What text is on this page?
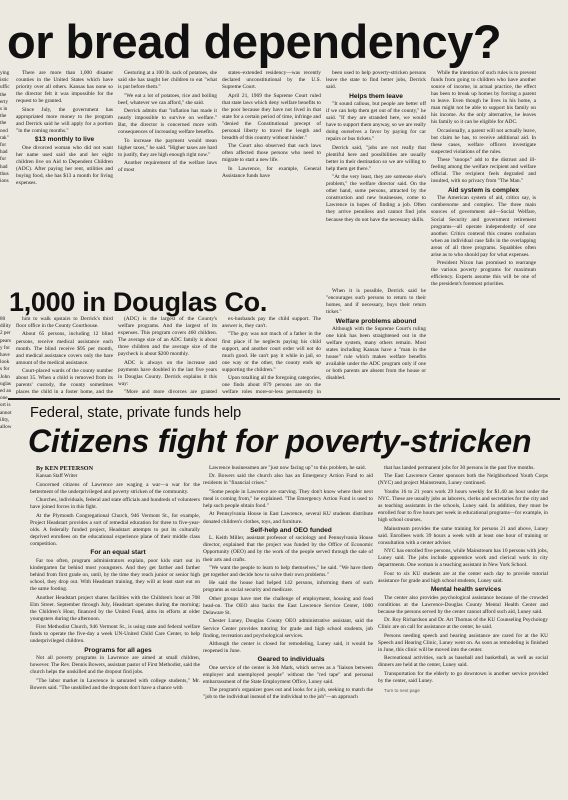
ying
istic
uffic
the
erty
s in
the
the
ood
rak"
for
had
for
had
thus
ions
80
dility
2 per
pears
y for
have
look
s for
John
uglas
ed an
one
ort is
annot
ility,
allow
or bread dependency?

There are more than 1,000 disaster counties in the United States which have priority over all others. Kansas has none so the director felt it was impossible for the request to be granted.

Since July, the government has appropriated more money to the program and Derrick said he will apply for a portion "in the coming months."

$13 monthly to live

One divorced woman who did not want her name used said she and her eight children live on Aid to Dependent Children (ADC). After paying her rent, utilities and buying food, she has $13 a month for living expenses.

Gesturing at a 100 lb. sack of potatoes, she said she has taught her children to eat "what is put before them."

"We eat a lot of potatoes, rice and boiling beef, whatever we can afford," she said.

Derrick admits that "inflation has made it nearly impossible to survive on welfare." But, the director is concerned more with consequences of increasing welfare benefits.

To increase the payment would mean higher taxes," he said. "Higher taxes are hard to justify, they are high enough right now."

Another requirement of the welfare laws of most

states–extended residency—was recently declared unconstitutional by the U.S. Supreme Court.

April 21, 1969 the Supreme Court ruled that state laws which deny welfare benefits to the poor because they have not lived in that state for a certain period of time, infringe and "denied the Constitutional precept of personal liberty to travel the length and breadth of this country without hinder."

The Court also observed that such laws often affected those persons who need to migrate to start a new life.

In Lawrence, for example, General Assistance funds have

been used to help poverty-stricken persons leave the state to find better jobs, Derrick said.

Helps them leave

"It sound callous, but people are better off if we can help them get out of the county," he said. "If they are stranded here, we would have to support them anyway, so we are really doing ourselves a favor by paying for car repairs or bus tickets."

Derrick said, "jobs are not really that plentiful here and possibilities are usually better in their destination so we are willing to help them get there."

"At the very least, they are someone else's problem," the welfare director said. On the other hand, some persons, attracted by the construction and new businesses, come to Lawrence in hopes of finding a job. Often they arrive penniless and cannot find jobs because they do not have the necessary skills.

While the intention of such rules is to prevent funds from going to children who have another source of income, in actual practice, the effect has been to break up homes by forcing a parent to leave. Even though he lives in his home, a man might not be able to support his family on his income. As the only alternative, he leaves his family so it can be eligible for ADC.

Occasionally, a parent will not actually leave, but claim he has, to receive additional aid. In these cases, welfare officers investigate suspected violations of the rules.

These "snoops" add to the distrust and ill-feeling among the welfare recipient and welfare official. The recipient feels degraded and insulted, with no privacy from "The Man."

Aid system is complex

The American system of aid, critics say, is cumbersome and complex. The three main sources of government aid—Social Welfare, Social Security and government retirement programs—all operate independently of one another. Critics contend this creates confusion when an individual case falls in the overlapping areas of all three programs. Squabbles often arise as to who should pay for what expenses.

President Nixon has promised to rearrange the various poverty programs for maximum efficiency. Experts assume this will be one of the president's foremost priorities.

1,000 in Douglas Co.

him to walk upstairs to Derrick's third floor office in the County Courthouse.

About 65 persons, including 12 blind persons, receive medical assistance each month. The blind receive $95 per month, and medical assistance covers only the bare amount of the medical assistance.

Court-placed wards of the county number about 35. When a child is removed from its parents' custody, the county sometimes places the child in a foster home, and the

(ADC) is the largest of the County's welfare programs. And the largest of its expenses. This program covers 460 children. The average size of an ADC family is about three children and the average size of the paycheck is about $200 monthly.

ADC is always on the increase and payments have doubled in the last five years in Douglas County. Derrick explains it this way:

"More and more divorces are granted

ex-husbands pay the child support. The answer is, they can't.

"The guy was not much of a father in the first place if he neglects paying his child support, and another court order will not do much good. He can't pay it while in jail, so one way or the other, the county ends up supporting the children."

Upon totalling all the foregoing categories, one finds about 879 persons are on the welfare roles more-or-less permanently in

When it is possible, Derrick said he "encourages such persons to return to their homes, and if necessary, buys their return ticket."

Welfare problems abound

Although with the Supreme Court's ruling one kink has been straightened out in the welfare system, many others remain. Most states including Kansas have a "man in the house" rule which makes welfare benefits available under the ADC program only if one or both parents are absent from the house or disabled.

Federal, state, private funds help
Citizens fight for poverty-stricken

By KEN PETERSON

Kansan Staff Writer

Concerned citizens of Lawrence are waging a war—a war for the betterment of the underprivileged and poverty stricken of the community.

Churches, individuals, federal and state officials and hundreds of volunteers have joined forces in this fight.

At the Plymouth Congregational Church, 946 Vermont St., for example, Project Headstart provides a sort of remedial education for three to five-year-olds. A federally funded project, Headstart attempts to put its culturally deprived enrollees on the educational experience plane of their middle class competition.

For an equal start

Far too often, program administrators explain, poor kids start out in kindergarten far behind most youngsters. And they get farther and farther behind from first grade on, until, by the time they reach junior or senior high school, they drop out. With Headstart training, they will at least start out on the same footing.

Another Headstart project shares facilities with the Children's hour at 708 Elm Street. September through July, Headstart operates during the morning; the Children's Hour, financed by the United Fund, aims its efforts at older youngsters during the afternoon.

First Methodist Church, 946 Vermont St., is using state and federal welfare funds to operate the five-day a week UN-United Child Care Center, to help underprivileged children.

Programs for all ages

Not all poverty programs in Lawrence are aimed at small children, however. The Rev. Dennis Bowers, assistant pastor of First Methodist, said the church helps the unskilled and the dropout find jobs.

"The labor market in Lawrence is saturated with college students," Mr. Bowers said. "The unskilled and the dropouts don't have a chance with

Lawrence businessmen are "just now facing up" to this problem, he said.

Dr. Bowers said the church also has an Emergency Action Fund to aid residents in "financial crises."

"Some people in Lawrence are starving. They don't know where their next meal is coming from," he explained. "The Emergency Action Fund is used to help such people obtain food."

At Pennsylvania House in East Lawrence, several KU students distribute donated children's clothes, toys, and furniture.

Self-help and OEO funded

L. Keith Miller, assistant professor of sociology and Pennsylvania House director, explained that the project was funded by the Office of Economic Opportunity (OEO) and by the work of the people served through the sale of their arts and crafts.

"We want the people to learn to help themselves," he said. "We have them get together and decide how to solve their own problems."

He said the house had helped 142 persons, informing them of such programs as social security and medicare.

Other groups have met the challenge of employment, housing and food head-on. The OEO also backs the East Lawrence Service Center, 1000 Delaware St.

Chester Luney, Douglas County OEO administrative assistant, said the Service Center provides tutoring for grade and high school students, job finding, recreation and psychological services.

Although the center is closed for remodeling, Luney said, it would be reopened in June.

Geared to individuals

One service of the center is Job Mark, which serves as a "liaison between employer and unemployed people" without the "red tape" and personal embarrassment of the State Employment Office, Luney said.

The program's organizer goes out and looks for a job, seeking to match the "job to the individual instead of the individual to the job"—an approach

that has landed permanent jobs for 30 persons in the past five months.

The East Lawrence Center sponsors both the Neighborhood Youth Corps (NYC) and project Mainstream, Luney continued.

Youths 16 to 21 years work 29 hours weekly for $1.40 an hour under the NYC. These are usually jobs as laborers, clerks and secretaries for the city and as teaching assistants in the schools, Luney said. In addition, they must be enrolled four to five hours per week in educational programs—for example, in high school courses.

Mainstream provides the same training for persons 21 and above, Luney said. Enrollees work 39 hours a week with at least one hour of training or consultation with a center adviser.

NYC has enrolled five persons, while Mainstream has 10 persons with jobs, Luney said. The jobs include apprentice work and clerical work in city departments. One woman is a teaching assistant in New York School.

Four to six KU students are at the center each day to provide tutorial assistance for grade and high school students, Luney said.

Mental health services

The center also provides psychological assistance because of the crowded conditions at the Lawrence-Douglas County Mental Health Center and because the persons served by the center cannot afford such aid, Luney said.

Dr. Roy Richardson and Dr. Art Thomas of the KU Counseling Psychology Clinic are on call for assistance at the center, he said.

Persons needing speech and hearing assistance are cared for at the KU Speech and Hearing Clinic, Luney went on. As soon as remodeling is finished in June, this clinic will be moved into the center.

Recreational activities, such as baseball and basketball, as well as social dinners are held at the center, Luney said.

Transportation for the elderly to go downtown is another service provided by the center, said Luney.

Turn to next page
